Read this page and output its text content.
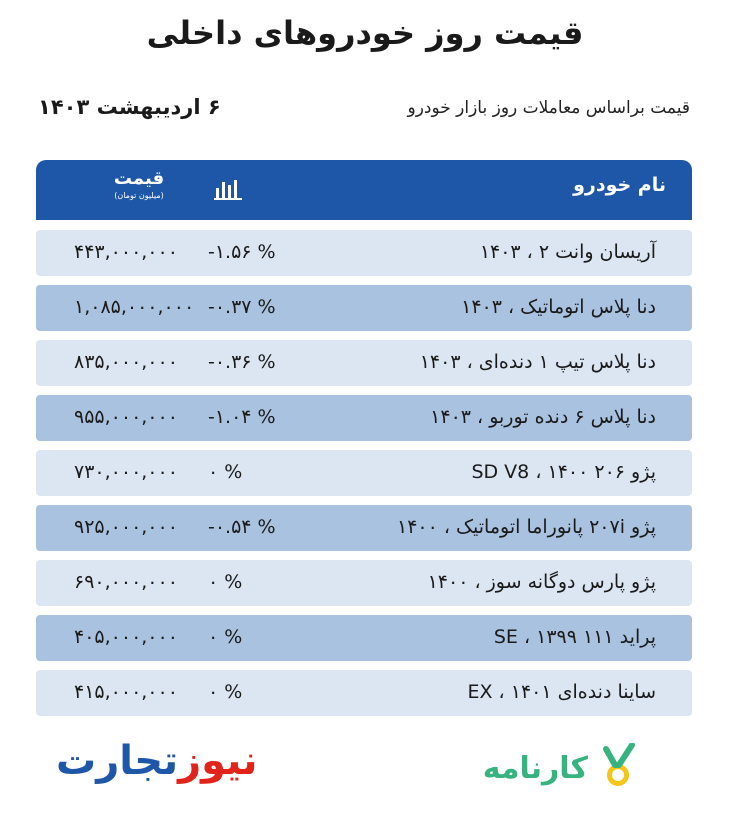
قیمت روز خودروهای داخلی
قیمت براساس معاملات روز بازار خودرو
۶ اردیبهشت ۱۴۰۳
نام خودرو
قیمت
(میلیون تومان)
آریسان وانت ۲ ، ۱۴۰۳
-۱.۵۶ %
۴۴۳,۰۰۰,۰۰۰
دنا پلاس اتوماتیک ، ۱۴۰۳
-۰.۳۷ %
۱,۰۸۵,۰۰۰,۰۰۰
دنا پلاس تیپ ۱ دنده‌ای ، ۱۴۰۳
-۰.۳۶ %
۸۳۵,۰۰۰,۰۰۰
دنا پلاس ۶ دنده توربو ، ۱۴۰۳
-۱.۰۴ %
۹۵۵,۰۰۰,۰۰۰
پژو ۲۰۶ ۱۴۰۰ ، SD V8
۰ %
۷۳۰,۰۰۰,۰۰۰
پژو ۲۰۷i پانوراما اتوماتیک ، ۱۴۰۰
-۰.۵۴ %
۹۲۵,۰۰۰,۰۰۰
پژو پارس دوگانه سوز ، ۱۴۰۰
۰ %
۶۹۰,۰۰۰,۰۰۰
پراید ۱۱۱ ۱۳۹۹ ، SE
۰ %
۴۰۵,۰۰۰,۰۰۰
ساینا دنده‌ای ۱۴۰۱ ، EX
۰ %
۴۱۵,۰۰۰,۰۰۰
کارنامه
نیوزتجارت
